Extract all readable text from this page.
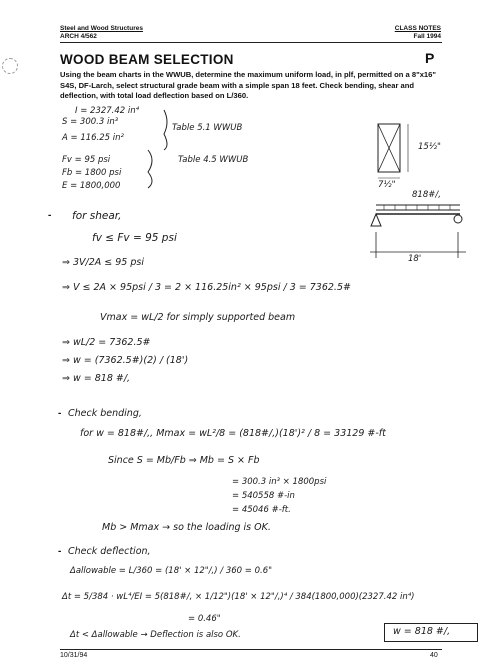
Steel and Wood Structures
ARCH 4/562
CLASS NOTES
Fall 1994
WOOD BEAM SELECTION	P
Using the beam charts in the WWUB, determine the maximum uniform load, in plf, permitted on a 8"x16" S4S, DF-Larch, select structural grade beam with a simple span 18 feet. Check bending, shear and deflection, with total load deflection based on L/360.
I = 2327.42 in⁴
S = 300.3 in³
Table 5.1 WWUB
A = 116.25 in²
Fv = 95 psi	Table 4.5 WWUB
Fb = 1800 psi
E = 1800,000
15½"
7½"
818#/,
18'
- for shear,
fv ≤ Fv = 95 psi
⇒ 3V/2A ≤ 95 psi
⇒ V ≤ 2A × 95psi / 3 = 2 × 116.25in² × 95psi / 3 = 7362.5#
Vmax = wL/2 for simply supported beam
⇒ wL/2 = 7362.5#
⇒ w = (7362.5#)(2) / (18')
⇒ w = 818 #/,
- Check bending,
for w = 818#/,, Mmax = wL²/8 = (818#/,)(18')² / 8 = 33129 #-ft
Since S = Mb/Fb ⇒ Mb = S × Fb
= 300.3 in³ × 1800psi
= 540558 #-in
= 45046 #-ft.
Mb > Mmax → so the loading is OK.
- Check deflection,
Δallowable = L/360 = (18' × 12"/,) / 360 = 0.6"
Δt = 5/384 · wL⁴/EI = 5(818#/, × 1/12")(18' × 12"/,)⁴ / 384(1800,000)(2327.42 in⁴)
= 0.46"
Δt < Δallowable → Deflection is also OK.	w = 818 #/,
10/31/94	40
